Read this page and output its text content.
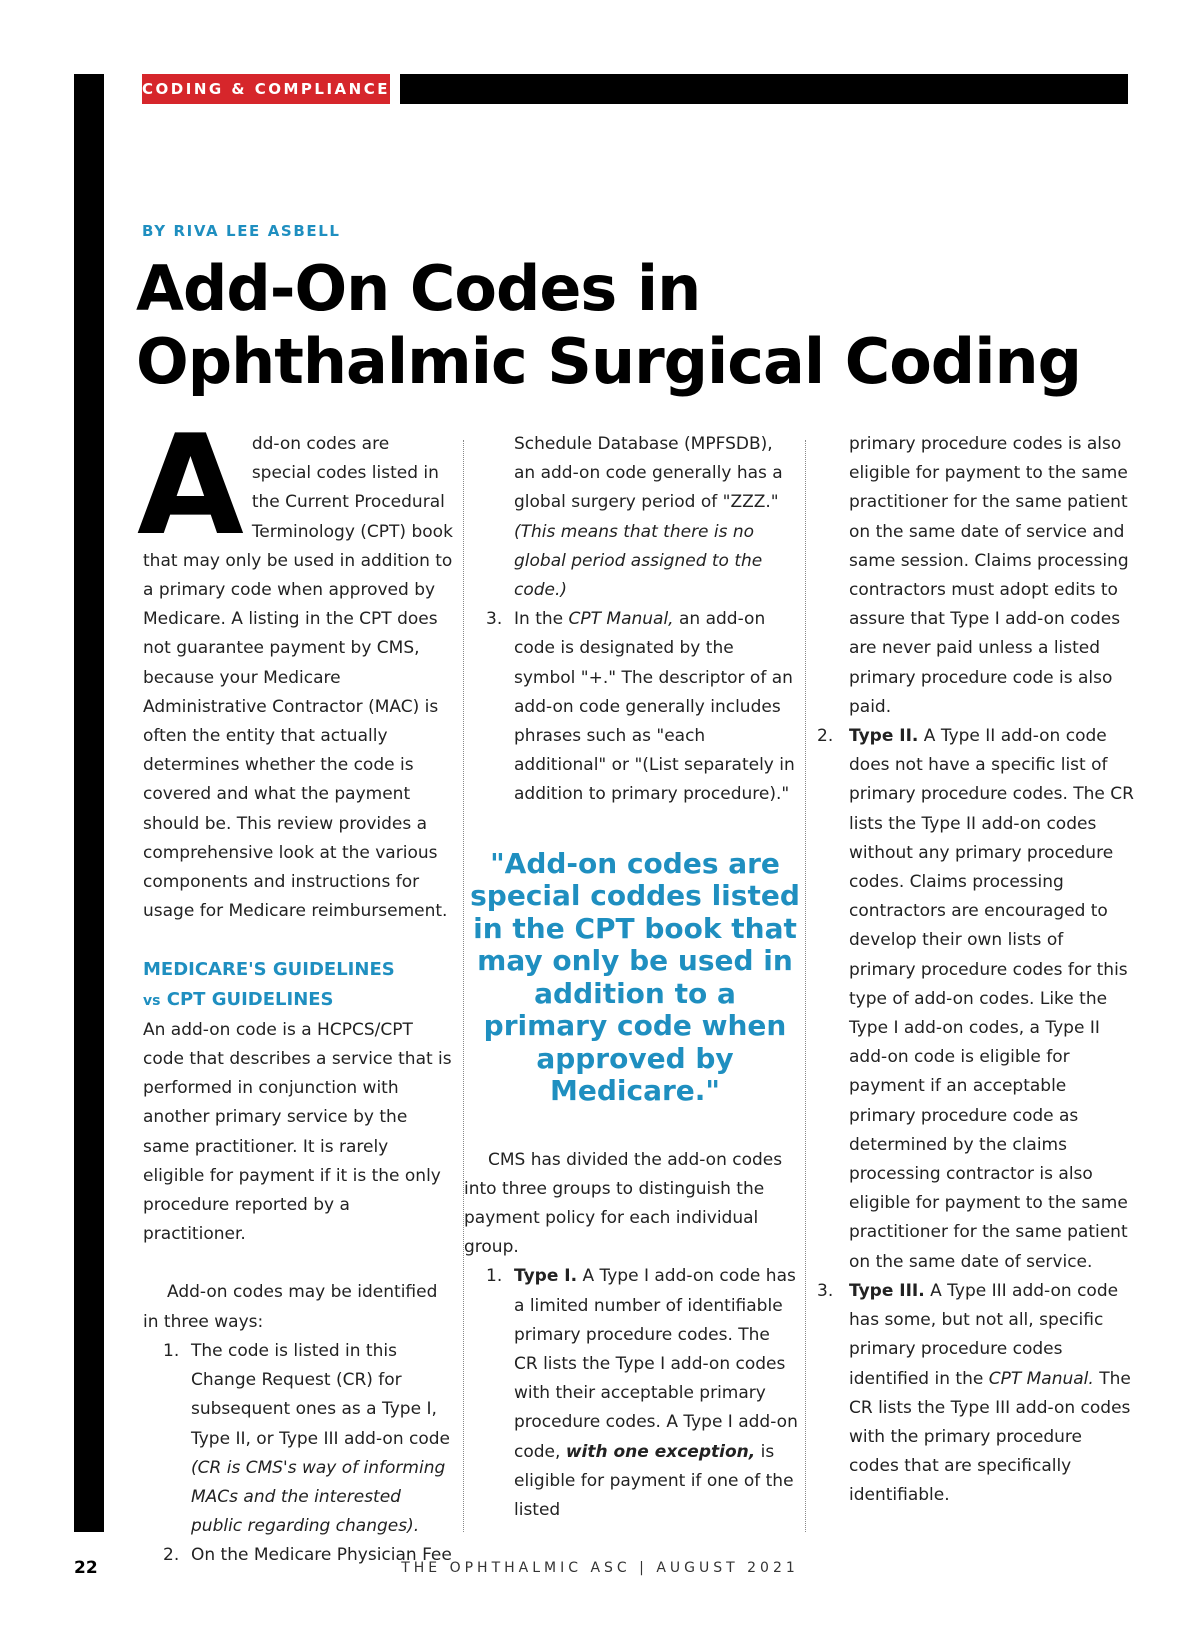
CODING & COMPLIANCE
BY RIVA LEE ASBELL
Add-On Codes in
Ophthalmic Surgical Coding

Add-on codes are special codes listed in the Current Procedural Terminology (CPT) book that may only be used in addition to a primary code when approved by Medicare. A listing in the CPT does not guarantee payment by CMS, because your Medicare Administrative Contractor (MAC) is often the entity that actually determines whether the code is covered and what the payment should be. This review provides a comprehensive look at the various components and instructions for usage for Medicare reimbursement.

MEDICARE'S GUIDELINES
vs CPT GUIDELINES

An add-on code is a HCPCS/CPT code that describes a service that is performed in conjunction with another primary service by the same practitioner. It is rarely eligible for payment if it is the only procedure reported by a practitioner.

Add-on codes may be identified in three ways:

1. The code is listed in this Change Request (CR) for subsequent ones as a Type I, Type II, or Type III add-on code (CR is CMS's way of informing MACs and the interested public regarding changes).
2. On the Medicare Physician Fee
Schedule Database (MPFSDB), an add-on code generally has a global surgery period of "ZZZ." (This means that there is no global period assigned to the code.)
3. In the CPT Manual, an add-on code is designated by the symbol "+." The descriptor of an add-on code generally includes phrases such as "each additional" or "(List separately in addition to primary procedure)."
"Add-on codes are special coddes listed in the CPT book that may only be used in addition to a primary code when approved by Medicare."

CMS has divided the add-on codes into three groups to distinguish the payment policy for each individual group.

1. Type I. A Type I add-on code has a limited number of identifiable primary procedure codes. The CR lists the Type I add-on codes with their acceptable primary procedure codes. A Type I add-on code, with one exception, is eligible for payment if one of the listed
primary procedure codes is also eligible for payment to the same practitioner for the same patient on the same date of service and same session. Claims processing contractors must adopt edits to assure that Type I add-on codes are never paid unless a listed primary procedure code is also paid.
2. Type II. A Type II add-on code does not have a specific list of primary procedure codes. The CR lists the Type II add-on codes without any primary procedure codes. Claims processing contractors are encouraged to develop their own lists of primary procedure codes for this type of add-on codes. Like the Type I add-on codes, a Type II add-on code is eligible for payment if an acceptable primary procedure code as determined by the claims processing contractor is also eligible for payment to the same practitioner for the same patient on the same date of service.
3. Type III. A Type III add-on code has some, but not all, specific primary procedure codes identified in the CPT Manual. The CR lists the Type III add-on codes with the primary procedure codes that are specifically identifiable.
22	THE OPHTHALMIC ASC | AUGUST 2021
